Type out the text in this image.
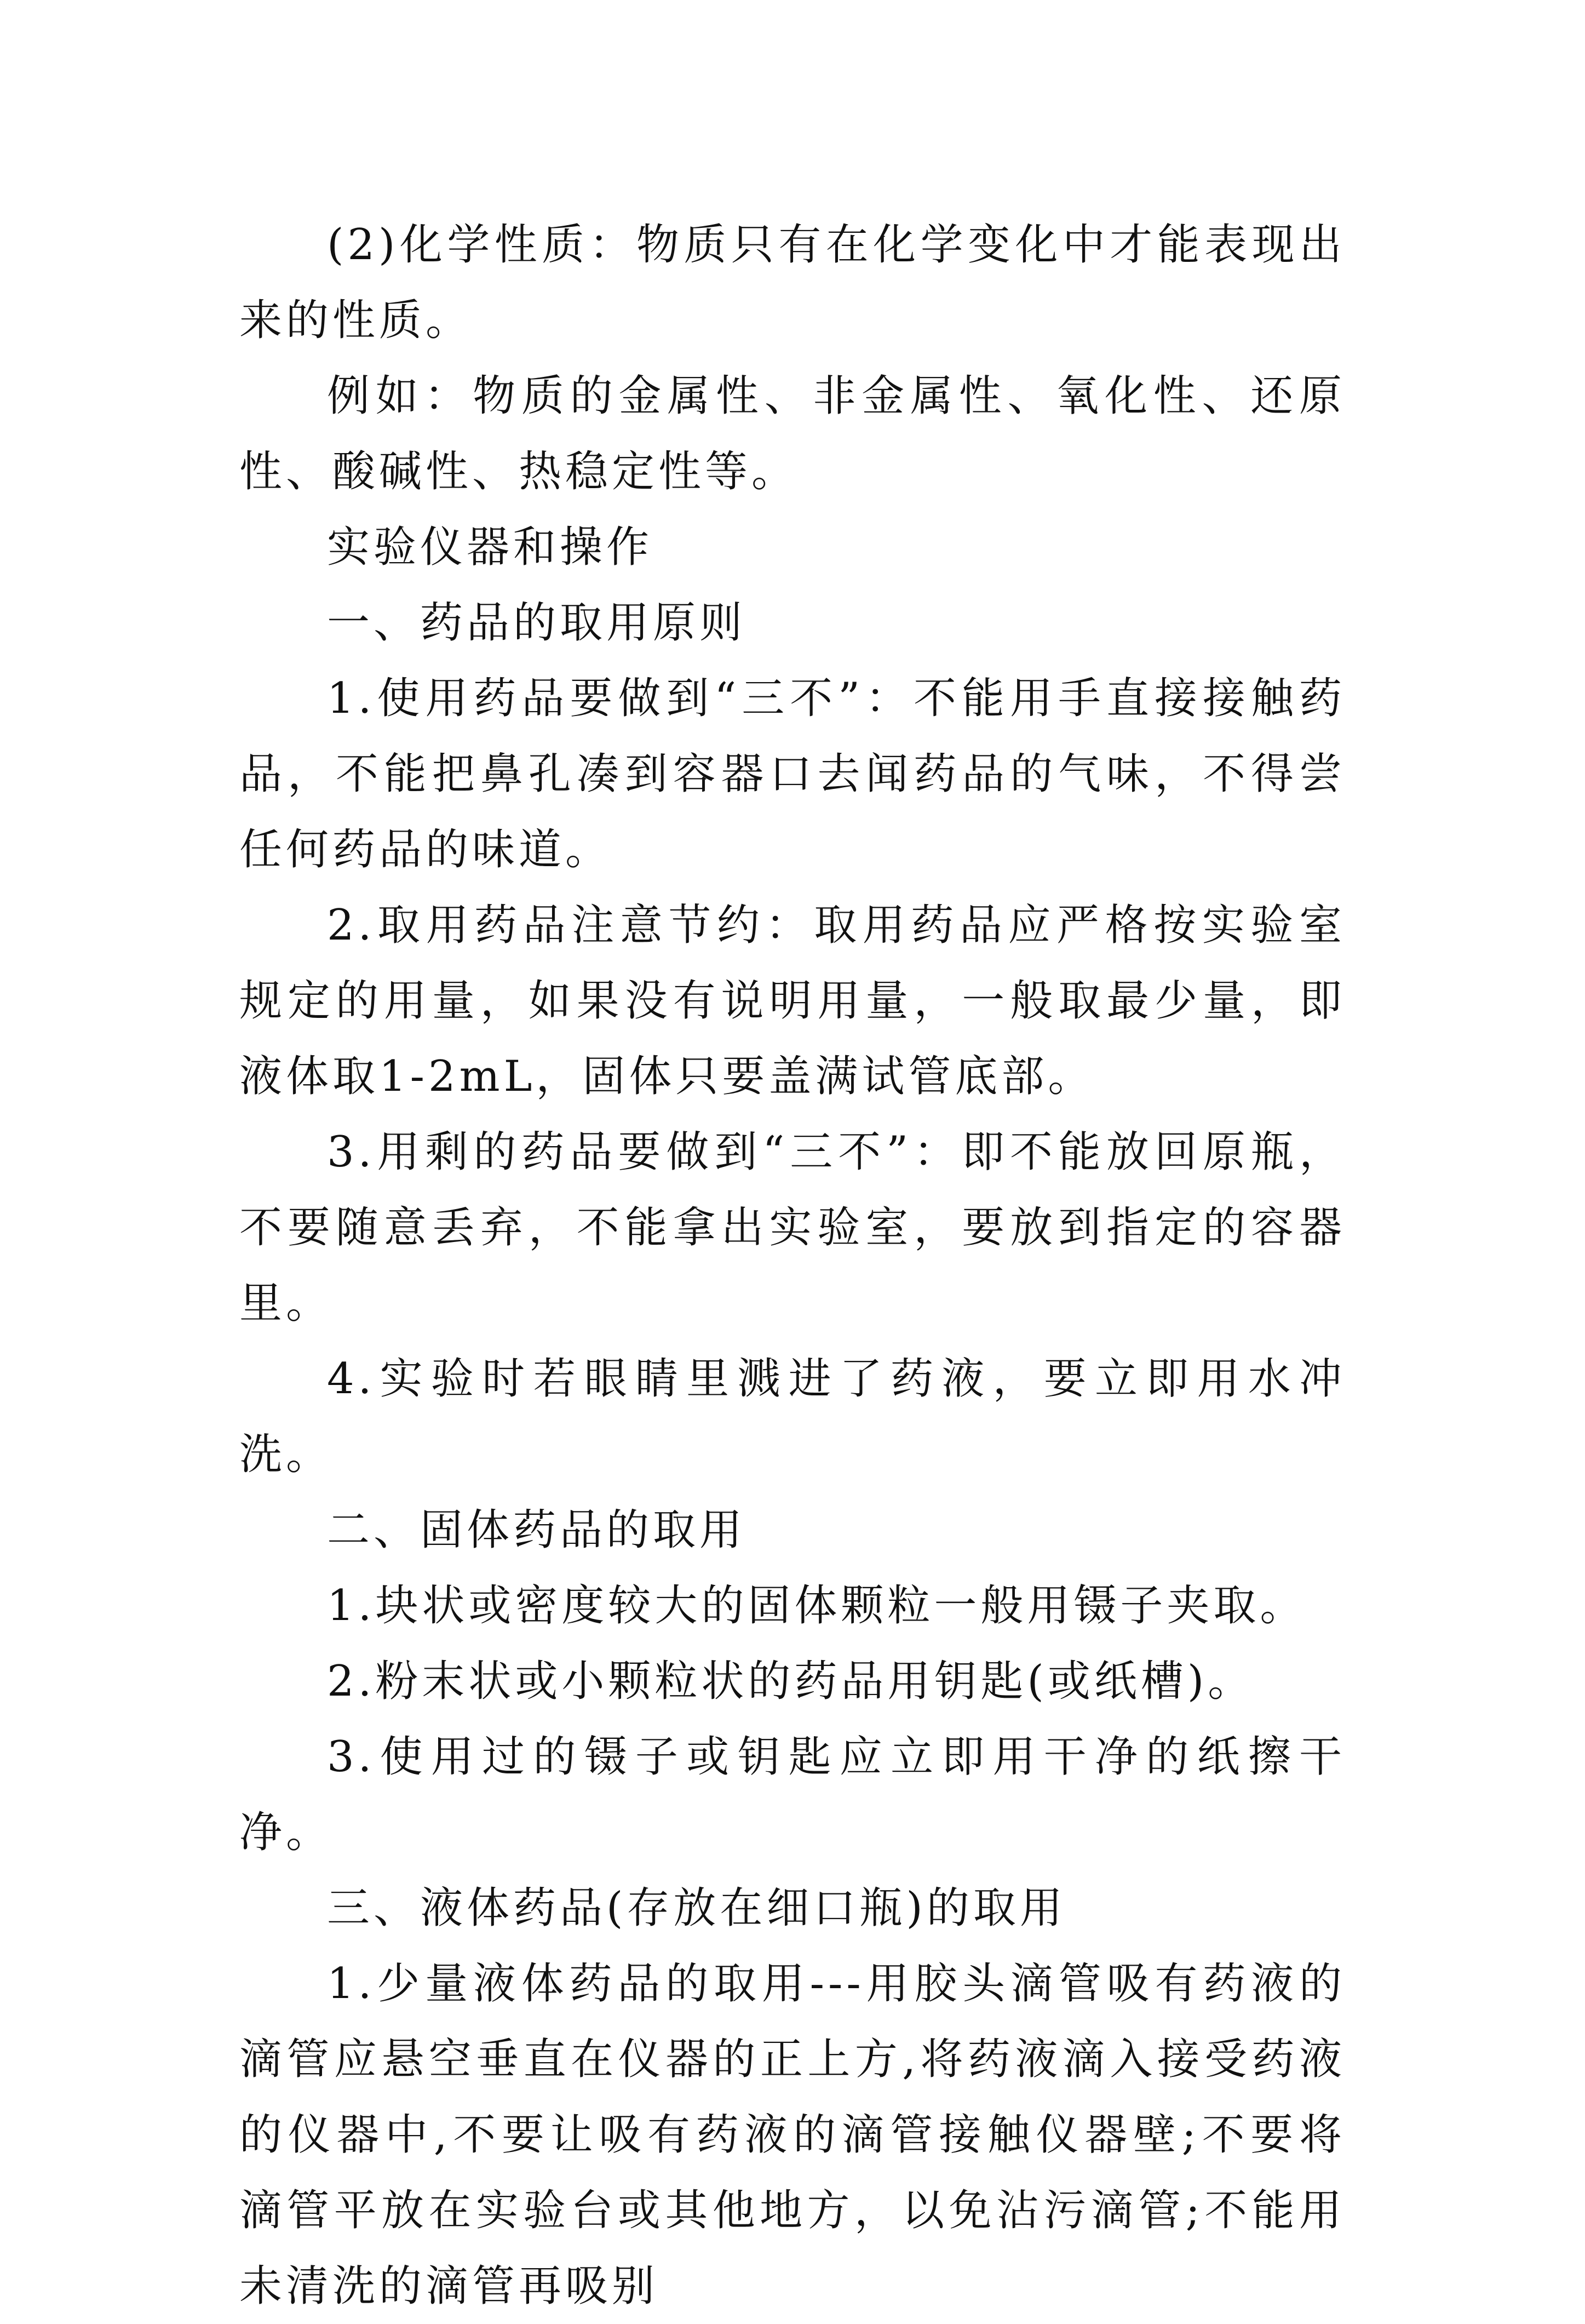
(2)化学性质：物质只有在化学变化中才能表现出来的性质。

例如：物质的金属性、非金属性、氧化性、还原性、酸碱性、热稳定性等。

实验仪器和操作

一、药品的取用原则

1.使用药品要做到“三不”：不能用手直接接触药品，不能把鼻孔凑到容器口去闻药品的气味，不得尝任何药品的味道。

2.取用药品注意节约：取用药品应严格按实验室规定的用量，如果没有说明用量，一般取最少量，即液体取1-2mL，固体只要盖满试管底部。

3.用剩的药品要做到“三不”：即不能放回原瓶，不要随意丢弃，不能拿出实验室，要放到指定的容器里。

4.实验时若眼睛里溅进了药液，要立即用水冲洗。

二、固体药品的取用

1.块状或密度较大的固体颗粒一般用镊子夹取。

2.粉末状或小颗粒状的药品用钥匙(或纸槽)。

3.使用过的镊子或钥匙应立即用干净的纸擦干净。

三、液体药品(存放在细口瓶)的取用

1.少量液体药品的取用---用胶头滴管吸有药液的滴管应悬空垂直在仪器的正上方,将药液滴入接受药液的仪器中,不要让吸有药液的滴管接触仪器壁;不要将滴管平放在实验台或其他地方，以免沾污滴管;不能用未清洗的滴管再吸别
